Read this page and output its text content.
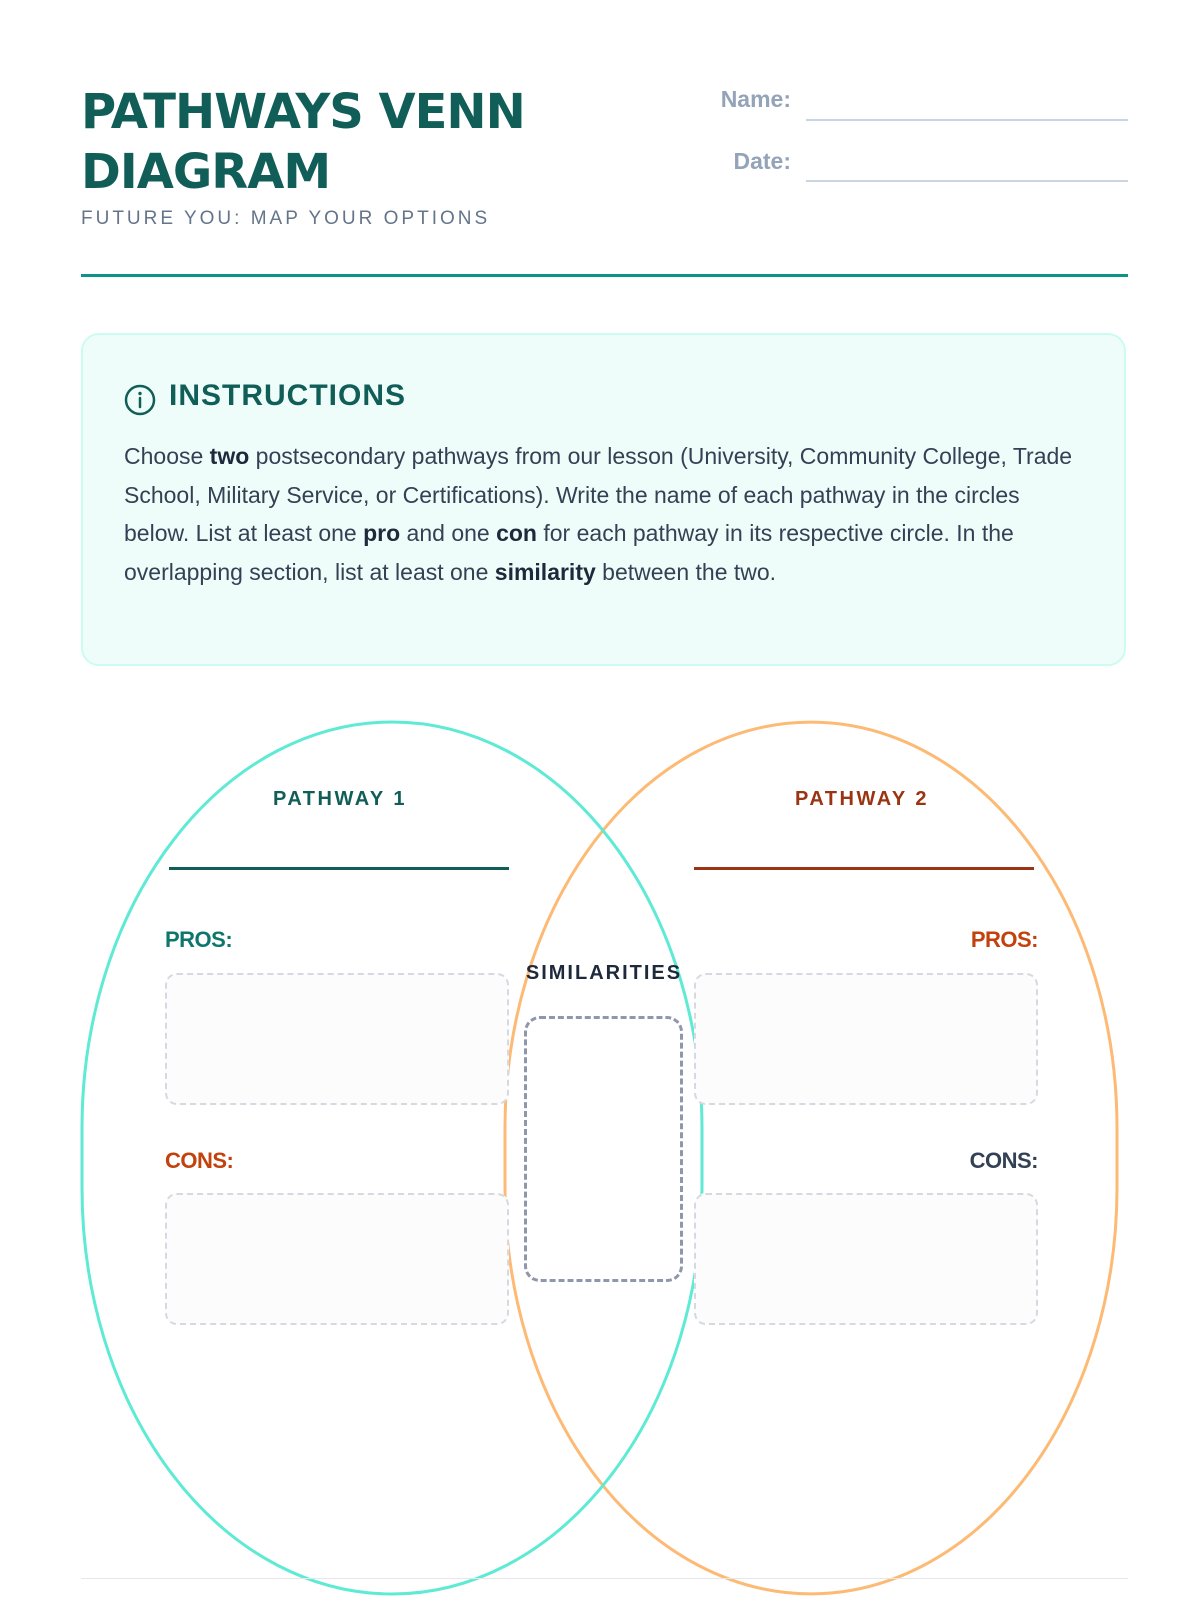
PATHWAYS VENN DIAGRAM
FUTURE YOU: MAP YOUR OPTIONS
Name:
Date:
INSTRUCTIONS

Choose two postsecondary pathways from our lesson (University, Community College, Trade School, Military Service, or Certifications). Write the name of each pathway in the circles below. List at least one pro and one con for each pathway in its respective circle. In the overlapping section, list at least one similarity between the two.

PATHWAY 1
PROS:
CONS:
PATHWAY 2
PROS:
CONS:
SIMILARITIES
